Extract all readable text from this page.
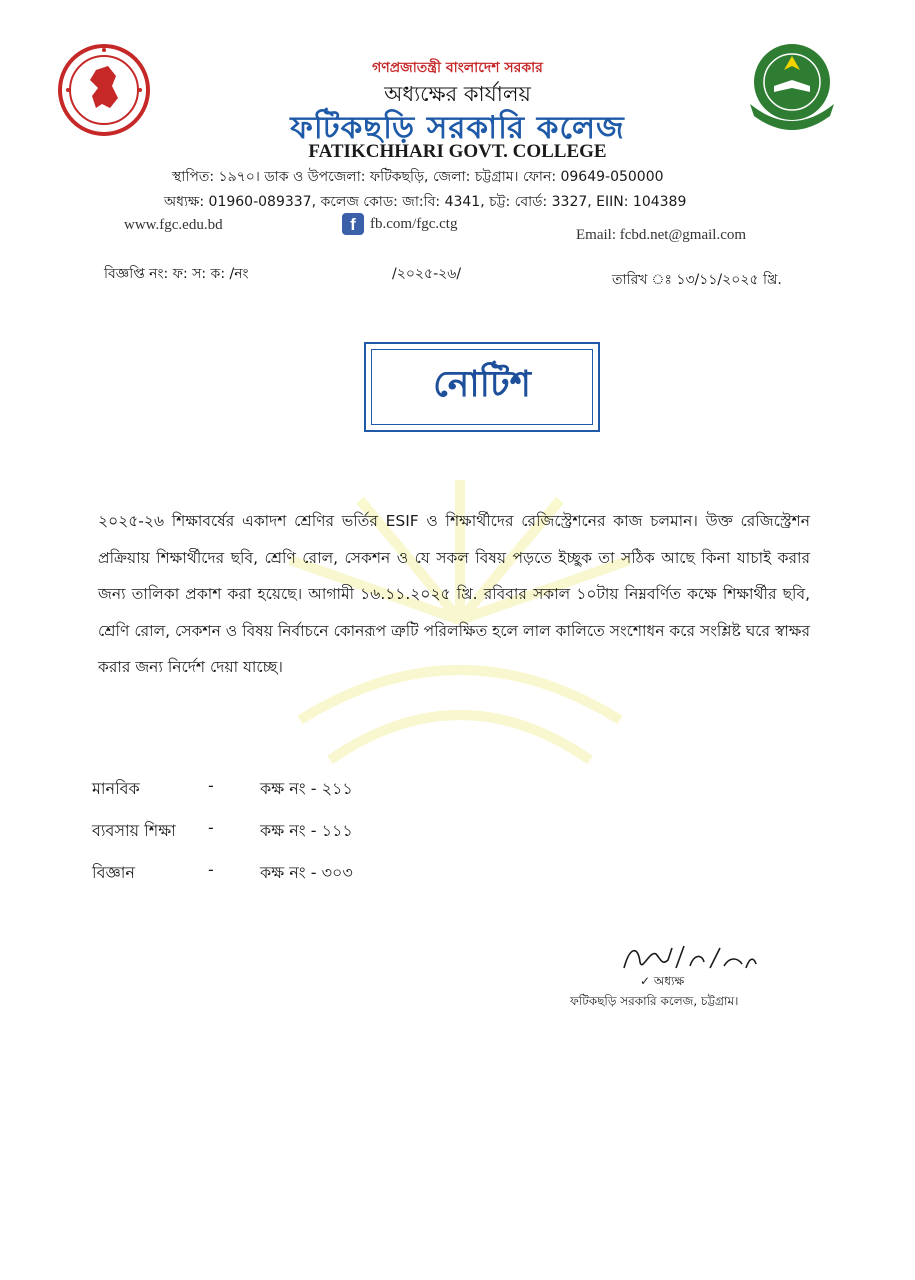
গণপ্রজাতন্ত্রী বাংলাদেশ সরকার
অধ্যক্ষের কার্যালয়
ফটিকছড়ি সরকারি কলেজ
FATIKCHHARI GOVT. COLLEGE
স্থাপিত: ১৯৭০। ডাক ও উপজেলা: ফটিকছড়ি, জেলা: চট্টগ্রাম। ফোন: 09649-050000
অধ্যক্ষ: 01960-089337, কলেজ কোড: জা:বি: 4341, চট্ট: বোর্ড: 3327, EIIN: 104389
www.fgc.edu.bd	f fb.com/fgc.ctg
Email: fcbd.net@gmail.com
বিজ্ঞপ্তি নং: ফ: স: ক: /নং	/২০২৫-২৬/	তারিখ ঃ ১৩/১১/২০২৫ খ্রি.
নোটিশ

২০২৫-২৬ শিক্ষাবর্ষের একাদশ শ্রেণির ভর্তির ESIF ও শিক্ষার্থীদের রেজিস্ট্রেশনের কাজ চলমান। উক্ত রেজিস্ট্রেশন প্রক্রিয়ায় শিক্ষার্থীদের ছবি, শ্রেণি রোল, সেকশন ও যে সকল বিষয় পড়তে ইচ্ছুক তা সঠিক আছে কিনা যাচাই করার জন্য তালিকা প্রকাশ করা হয়েছে। আগামী ১৬.১১.২০২৫ খ্রি. রবিবার সকাল ১০টায় নিম্নবর্ণিত কক্ষে শিক্ষার্থীর ছবি, শ্রেণি রোল, সেকশন ও বিষয় নির্বাচনে কোনরূপ ত্রুটি পরিলক্ষিত হলে লাল কালিতে সংশোধন করে সংশ্লিষ্ট ঘরে স্বাক্ষর করার জন্য নির্দেশ দেয়া যাচ্ছে।

মানবিক	-	কক্ষ নং - ২১১
ব্যবসায় শিক্ষা -	কক্ষ নং - ১১১
বিজ্ঞান	-	কক্ষ নং - ৩০৩
✓ অধ্যক্ষ
ফটিকছড়ি সরকারি কলেজ, চট্টগ্রাম।
